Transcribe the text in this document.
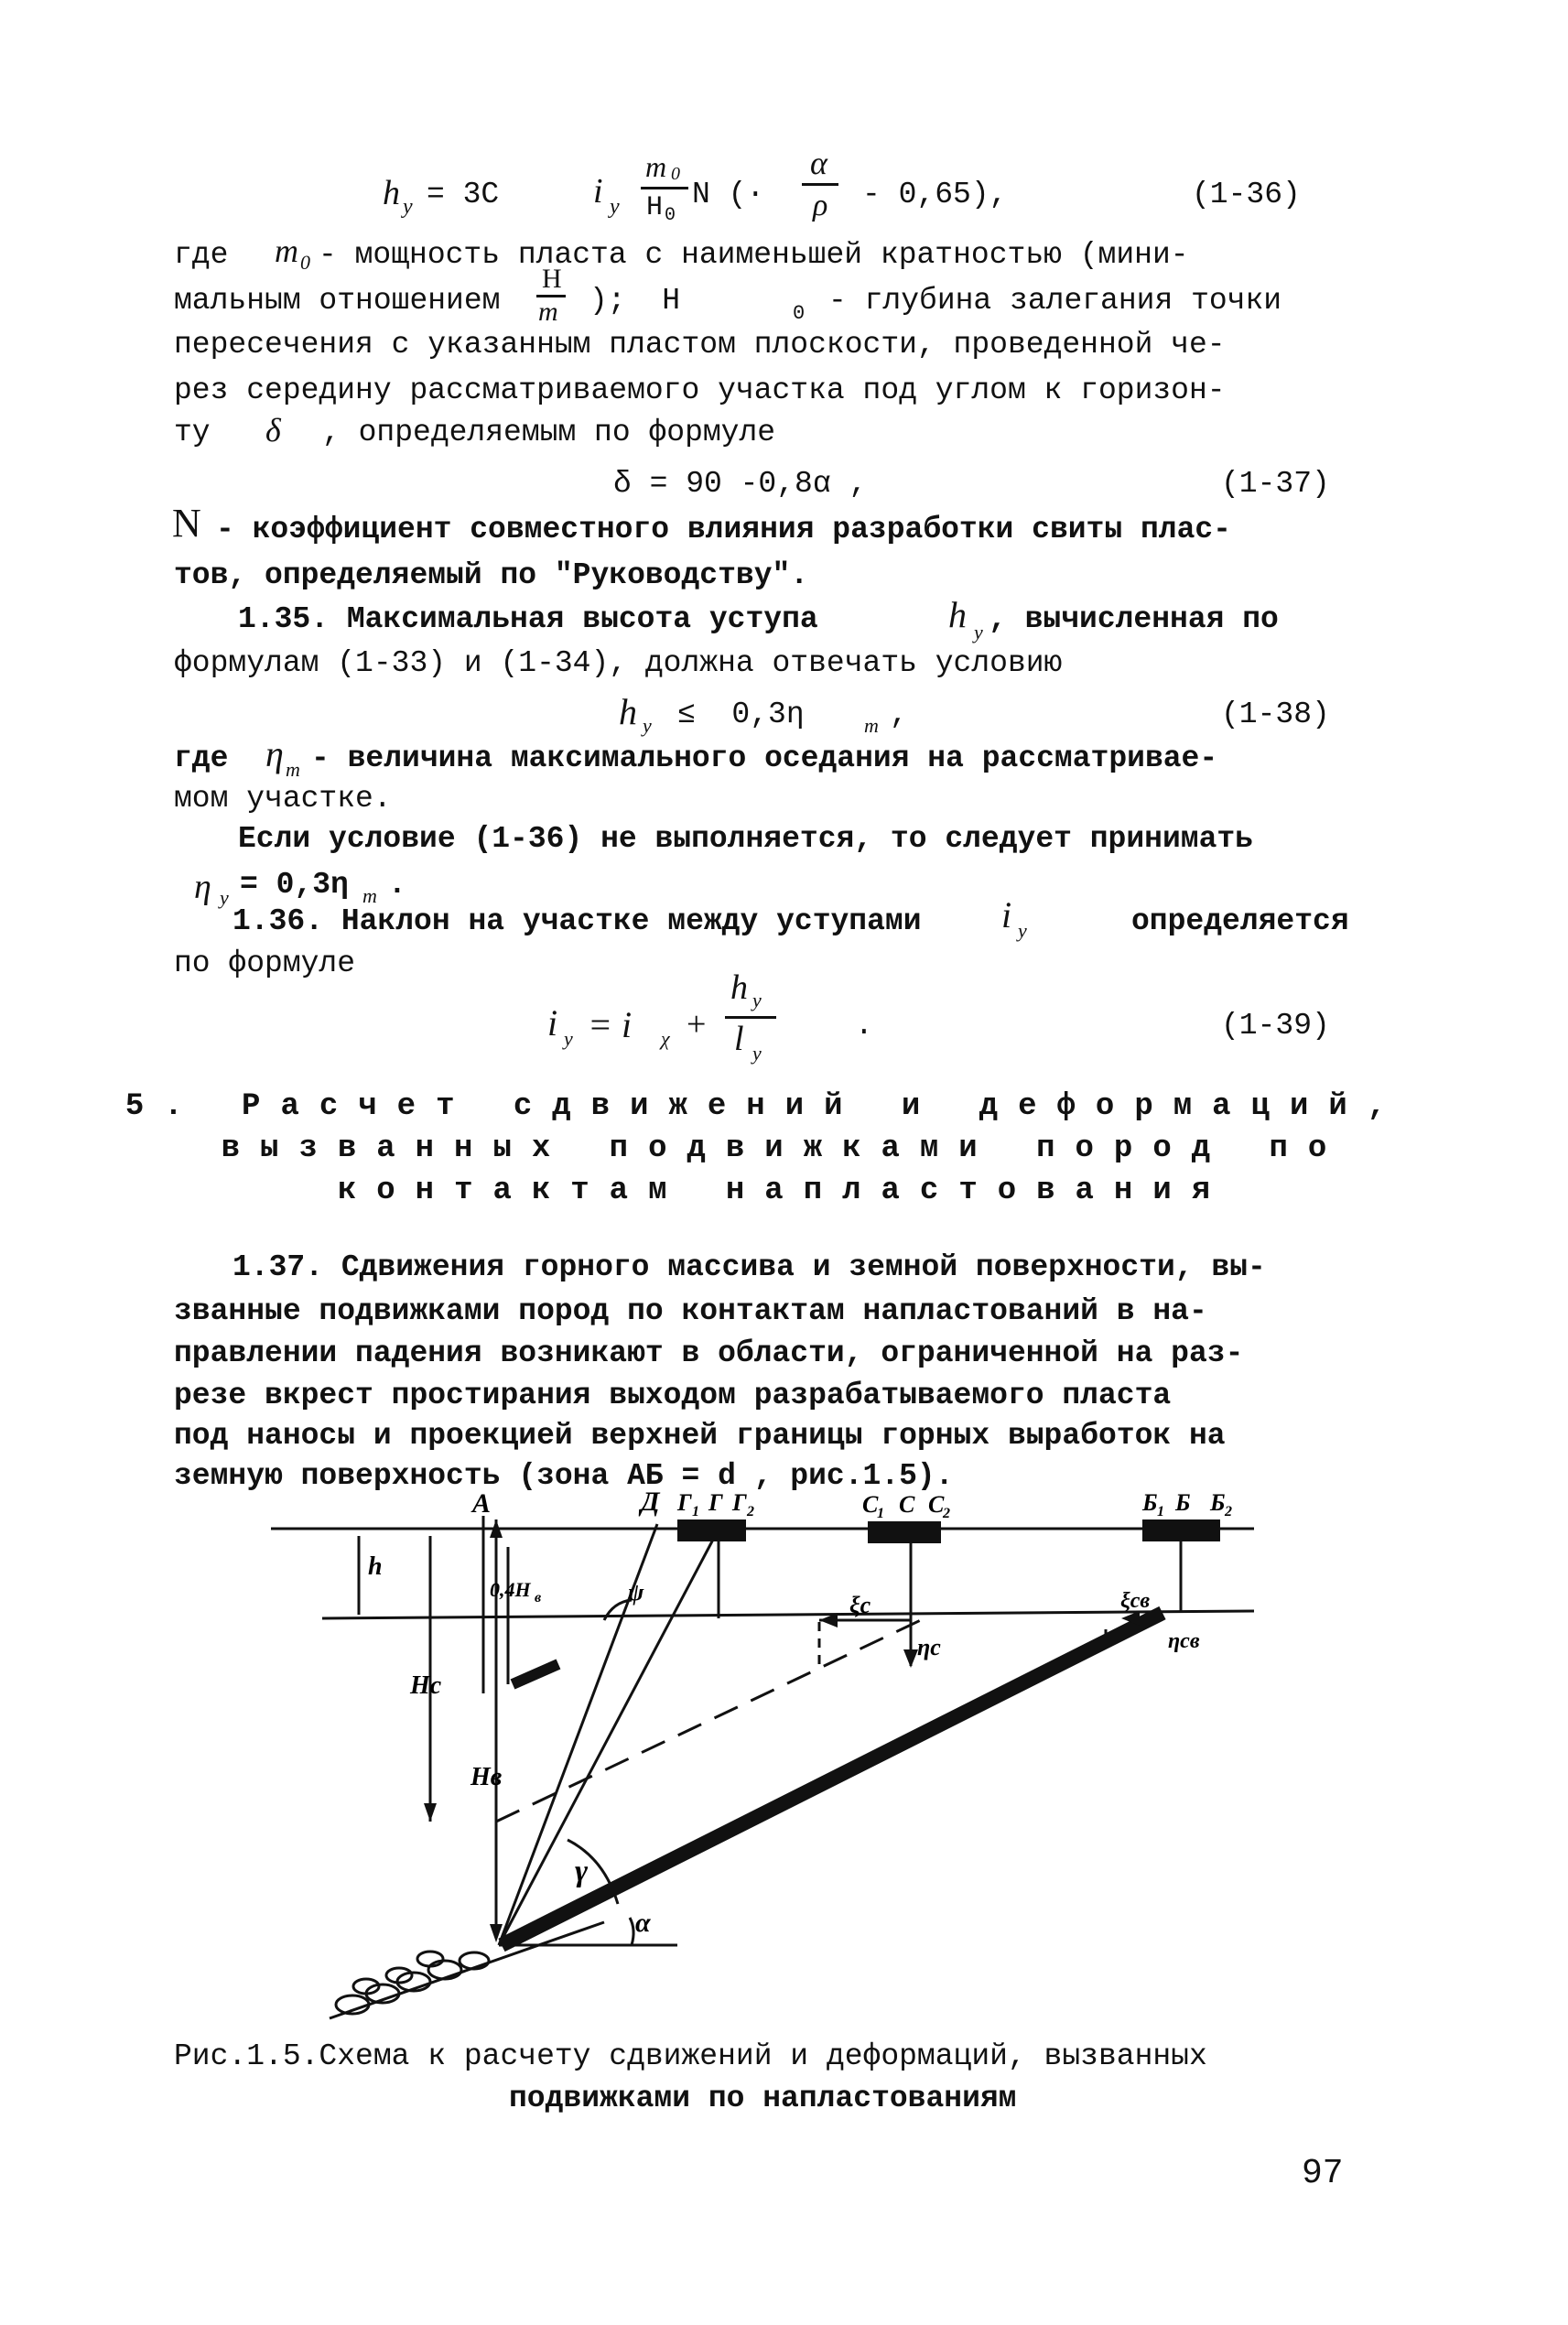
h y = 3C	i y
m 0
H 0
N (·
α
ρ - 0,65),	(1-36)
где m 0 - мощность пласта с наименьшей кратностью (мини-
мальным отношением
H
m );  H	0 - глубина залегания точки
пересечения с указанным пластом плоскости, проведенной че-
рез середину рассматриваемого участка под углом к горизон-
ту δ , определяемым по формуле
δ = 90 -0,8α ,	(1-37)
N - коэффициент совместного влияния разработки свиты плас-
тов, определяемый по "Руководству".
1.35. Максимальная высота уступа	h y , вычисленная по
формулам (1-33) и (1-34), должна отвечать условию
h y ≤  0,3η	m ,	(1-38)
где η m - величина максимального оседания на рассматривае-
мом участке.
Если условие (1-36) не выполняется, то следует принимать
η y = 0,3η m .
1.36. Наклон на участке между уступами i y	определяется
по формуле
i y = i χ +
h y
l y
.	(1-39)
5. Расчет сдвижений и деформаций,
вызванных подвижками пород по
контактам напластования
1.37. Сдвижения горного массива и земной поверхности, вы-
званные подвижками пород по контактам напластований в на-
правлении падения возникают в области, ограниченной на раз-
резе вкрест простирания выходом разрабатываемого пласта
под наносы и проекцией верхней границы горных выработок на
земную поверхность (зона АБ = d , рис.1.5).
A	Д Г 1 Г Г 2	C
1 C C
2	Б 1 Б Б 2
h
0,4H в	ψ	ξc
ηc
ξсв
ηсв
Hc
Hв
γ
α
Рис.1.5.Схема к расчету сдвижений и деформаций, вызванных
подвижками по напластованиям
97
